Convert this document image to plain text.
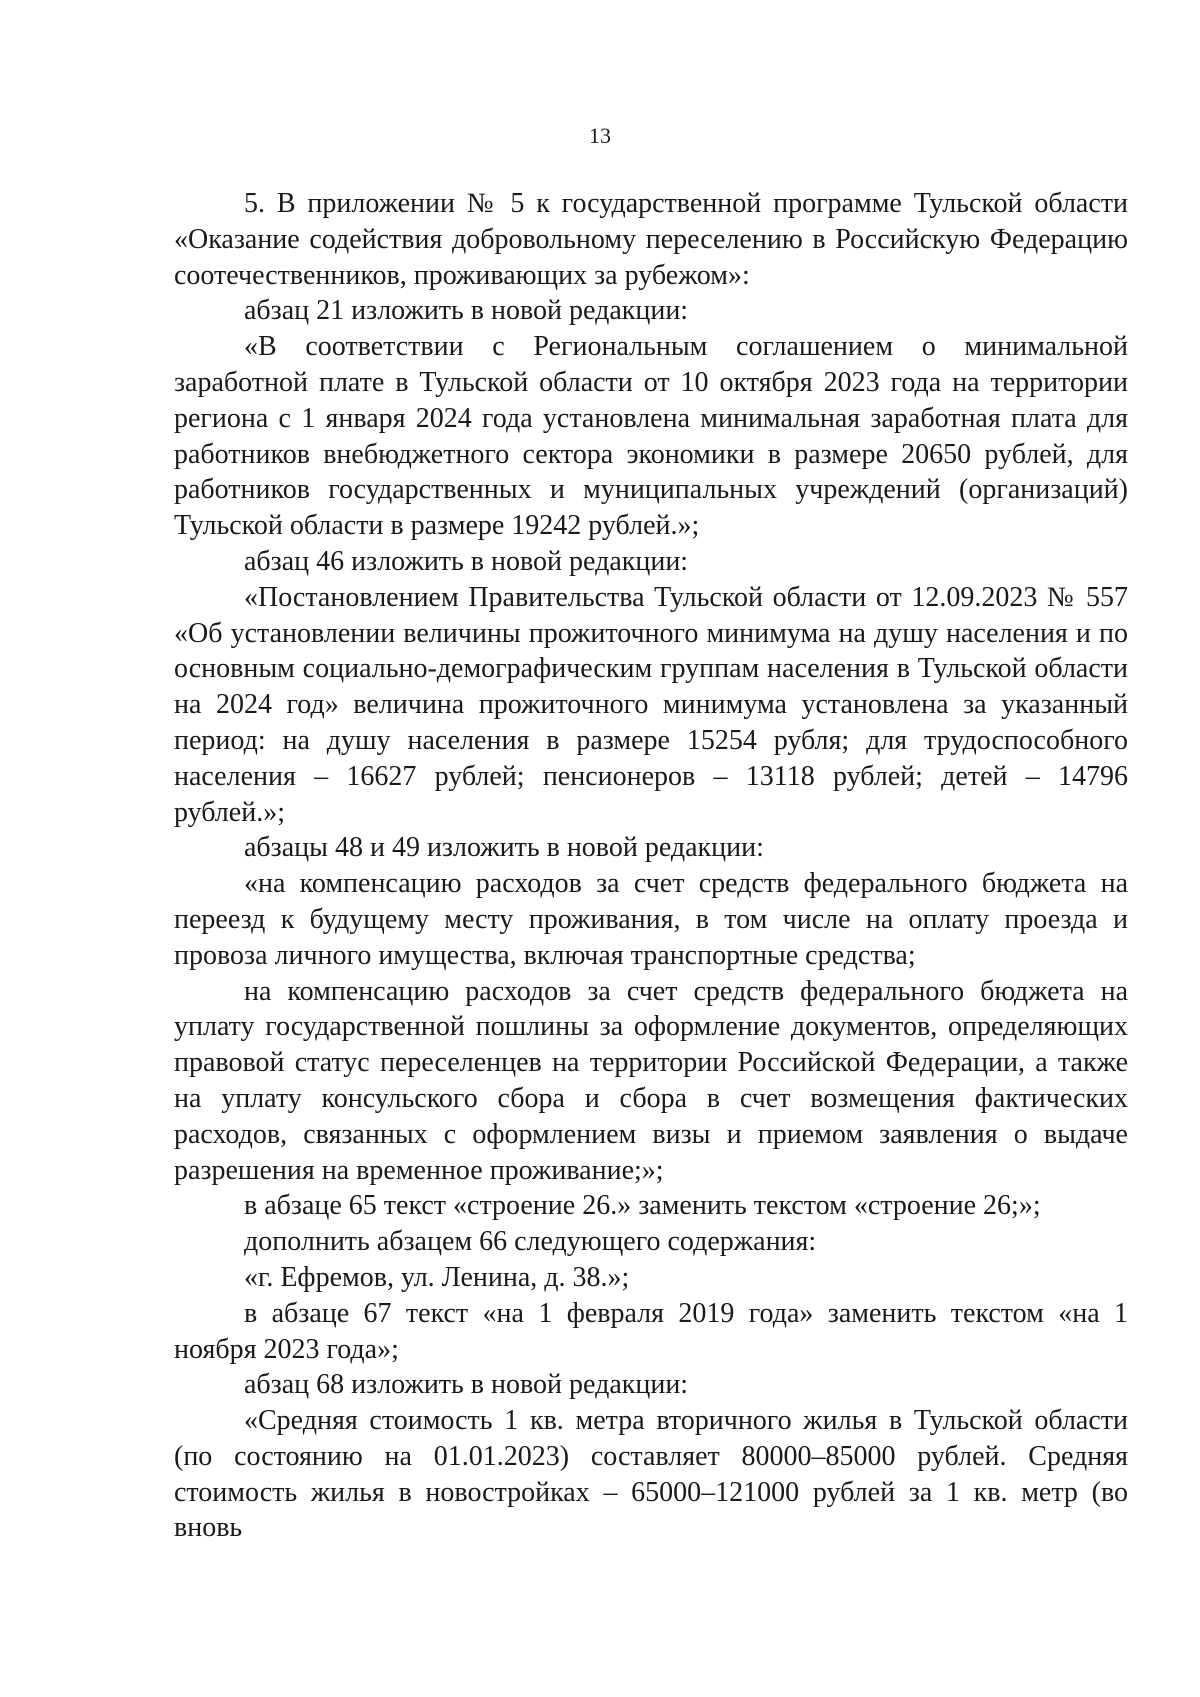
13

5. В приложении № 5 к государственной программе Тульской области «Оказание содействия добровольному переселению в Российскую Федерацию соотечественников, проживающих за рубежом»:

абзац 21 изложить в новой редакции:

«В соответствии с Региональным соглашением о минимальной заработной плате в Тульской области от 10 октября 2023 года на территории региона с 1 января 2024 года установлена минимальная заработная плата для работников внебюджетного сектора экономики в размере 20650 рублей, для работников государственных и муниципальных учреждений (организаций) Тульской области в размере 19242 рублей.»;

абзац 46 изложить в новой редакции:

«Постановлением Правительства Тульской области от 12.09.2023 № 557 «Об установлении величины прожиточного минимума на душу населения и по основным социально-демографическим группам населения в Тульской области на 2024 год» величина прожиточного минимума установлена за указанный период: на душу населения в размере 15254 рубля; для трудоспособного населения – 16627 рублей; пенсионеров – 13118 рублей; детей – 14796 рублей.»;

абзацы 48 и 49 изложить в новой редакции:

«на компенсацию расходов за счет средств федерального бюджета на переезд к будущему месту проживания, в том числе на оплату проезда и провоза личного имущества, включая транспортные средства;

на компенсацию расходов за счет средств федерального бюджета на уплату государственной пошлины за оформление документов, определяющих правовой статус переселенцев на территории Российской Федерации, а также на уплату консульского сбора и сбора в счет возмещения фактических расходов, связанных с оформлением визы и приемом заявления о выдаче разрешения на временное проживание;»;

в абзаце 65 текст «строение 26.» заменить текстом «строение 26;»;

дополнить абзацем 66 следующего содержания:

«г. Ефремов, ул. Ленина, д. 38.»;

в абзаце 67 текст «на 1 февраля 2019 года» заменить текстом «на 1 ноября 2023 года»;

абзац 68 изложить в новой редакции:

«Средняя стоимость 1 кв. метра вторичного жилья в Тульской области (по состоянию на 01.01.2023) составляет 80000–85000 рублей. Средняя стоимость жилья в новостройках – 65000–121000 рублей за 1 кв. метр (во вновь
